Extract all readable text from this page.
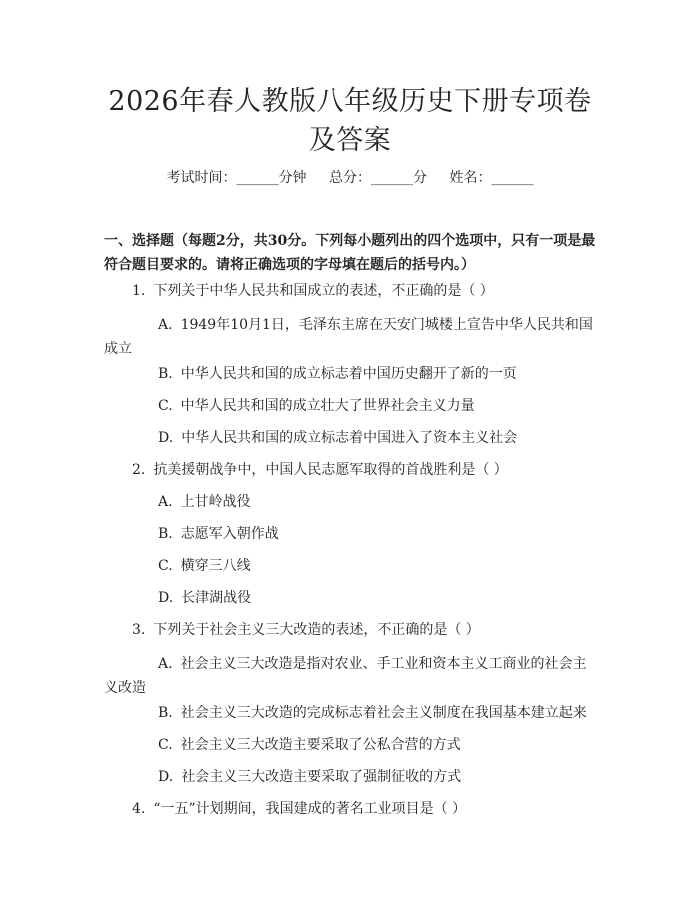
2026年春人教版八年级历史下册专项卷及答案
考试时间：______分钟 总分：______分 姓名：______

一、选择题（每题2分，共30分。下列每小题列出的四个选项中，只有一项是最符合题目要求的。请将正确选项的字母填在题后的括号内。）

1. 下列关于中华人民共和国成立的表述，不正确的是（ ）

A. 1949年10月1日，毛泽东主席在天安门城楼上宣告中华人民共和国成立

B. 中华人民共和国的成立标志着中国历史翻开了新的一页
C. 中华人民共和国的成立壮大了世界社会主义力量
D. 中华人民共和国的成立标志着中国进入了资本主义社会
2. 抗美援朝战争中，中国人民志愿军取得的首战胜利是（ ）
A. 上甘岭战役
B. 志愿军入朝作战
C. 横穿三八线
D. 长津湖战役
3. 下列关于社会主义三大改造的表述，不正确的是（ ）

A. 社会主义三大改造是指对农业、手工业和资本主义工商业的社会主义改造

B. 社会主义三大改造的完成标志着社会主义制度在我国基本建立起来
C. 社会主义三大改造主要采取了公私合营的方式
D. 社会主义三大改造主要采取了强制征收的方式
4. “一五”计划期间，我国建成的著名工业项目是（ ）
